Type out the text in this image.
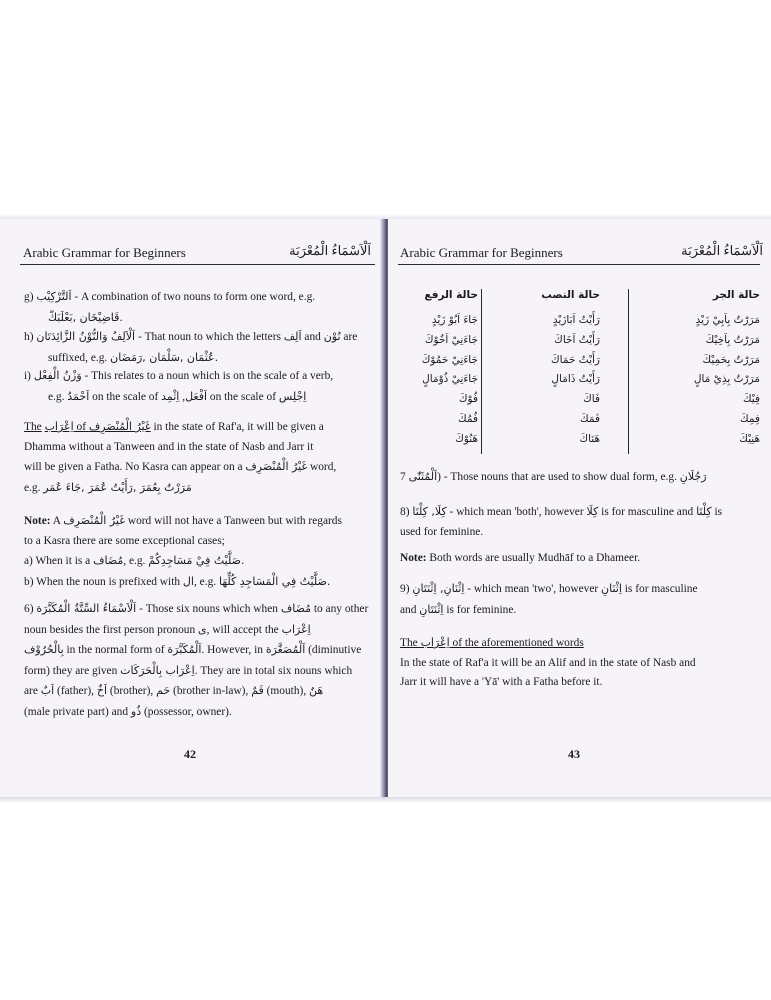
Arabic Grammar for Beginners	اَلْاَسْمَاءُ الْمُعْرَبَة

g) اَلتَّرْكِيْب - A combination of two nouns to form one word, e.g.

قَاضِيْخَان ,بَعْلَبَكّ.

h) اَلْاَلِفُ وَالنُّوْنُ الزَّائِدَتَان - That noun to which the letters اَلِف and نُوْن are

suffixed, e.g. عُثْمَان ,سَلْمَان ,رَمَضَان.

i) وَزْنُ الْفِعْل - This relates to a noun which is on the scale of a verb,

e.g. اَحْمَدُ on the scale of اَفْعَل, اِثْمِد on the scale of اِجْلِس

The اِعْرَاب of غَيْرُ الْمُنْصَرِف in the state of Raf'a, it will be given a

Dhamma without a Tanween and in the state of Nasb and Jarr it

will be given a Fatha. No Kasra can appear on a غَيْرُ الْمُنْصَرِف word,

e.g. مَرَرْتُ بِعُمَرَ ,رَأَيْتُ عُمَرَ ,جَاءَ عُمَر

Note: A غَيْرُ الْمُنْصَرِف word will not have a Tanween but with regards

to a Kasra there are some exceptional cases;

a) When it is a مُضَاف, e.g. صَلَّيْتُ فِيْ مَسَاجِدِكُمْ.

b) When the noun is prefixed with ال, e.g. صَلَّيْتُ فِي الْمَسَاجِدِ كُلِّهَا.

6) اَلْاَسْمَاءُ السِّتَّةُ الْمُكَبَّرَة - Those six nouns which when مُضَاف to any other

noun besides the first person pronoun ى, will accept the اِعْرَاب

بِالْحُرُوْف in the normal form of اَلْمُكَبَّرَة. However, in اَلْمُصَغَّرَة (diminutive

form) they are given اِعْرَاب بِالْحَرَكَات. They are in total six nouns which

are اَبٌ (father), اَخٌ (brother), حَم (brother in-law), فَمٌ (mouth), هَنٌ

(male private part) and ذُو (possessor, owner).

42
Arabic Grammar for Beginners	اَلْاَسْمَاءُ الْمُعْرَبَة
حالة الرفع
جَاءَ اَبُوْ زَيْدٍ
جَاءَنِيْ اَخُوْكَ
جَاءَنِيْ حَمُوْكَ
جَاءَنِيْ ذُوْمَالٍ
فُوْكَ
فُمُكَ
هَنُوْكَ
حالة النصب
رَأَيْتُ اَبَازَيْدٍ
رَأَيْتُ اَخَاكَ
رَأَيْتُ حَمَاكَ
رَأَيْتُ ذَامَالٍ
فَاكَ
فَمَكَ
هَنَاكَ
حالة الجر
مَرَرْتُ بِاَبِيْ زَيْدٍ
مَرَرْتُ بِاَخِيْكَ
مَرَرْتُ بِحَمِيْكَ
مَرَرْتُ بِذِيْ مَالٍ
فِيْكَ
فِمِكَ
هَنِيْكَ

اَلْمُثَنّٰى 7) - Those nouns that are used to show dual form, e.g. رَجُلَانِ

8) كِلَا, كِلْتَا - which mean 'both', however كِلَا is for masculine and كِلْتَا is

used for feminine.

Note: Both words are usually Mudhāf to a Dhameer.

9) اِثْنَانِ, اِثْنَتَانِ - which mean 'two', however اِثْنَانِ is for masculine

and اِثْنَتَانِ is for feminine.

The اِعْرَاب of the aforementioned words

In the state of Raf'a it will be an Alif and in the state of Nasb and

Jarr it will have a 'Yā' with a Fatha before it.

43
